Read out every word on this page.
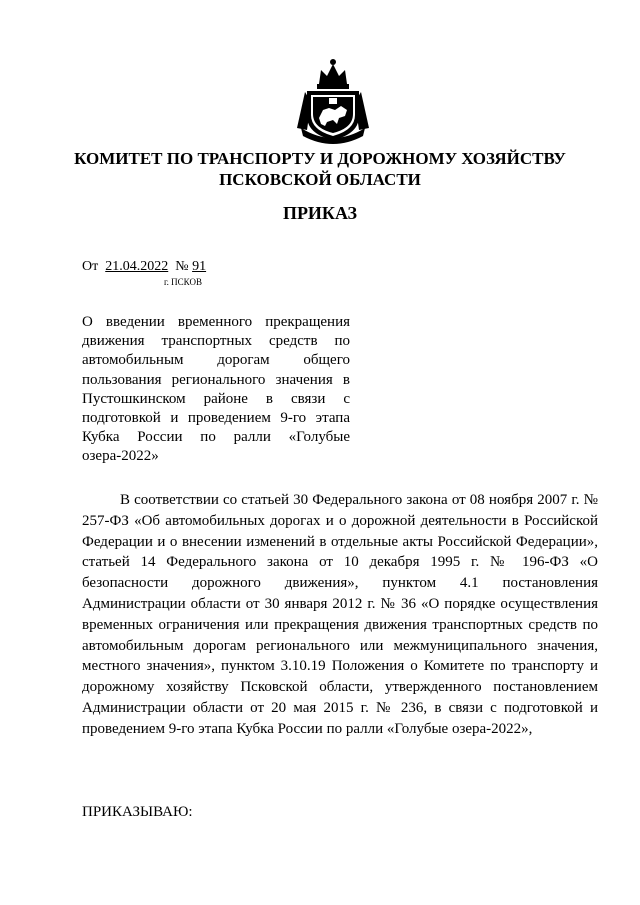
КОМИТЕТ ПО ТРАНСПОРТУ И ДОРОЖНОМУ ХОЗЯЙСТВУ
ПСКОВСКОЙ ОБЛАСТИ
ПРИКАЗ
От 21.04.2022 № 91
г. ПСКОВ
О введении временного прекращения движения транспортных средств по автомобильным дорогам общего пользования регионального значения в Пустошкинском районе в связи с подготовкой и проведением 9-го этапа Кубка России по ралли «Голубые озера-2022»
В соответствии со статьей 30 Федерального закона от 08 ноября 2007 г. № 257-ФЗ «Об автомобильных дорогах и о дорожной деятельности в Российской Федерации и о внесении изменений в отдельные акты Российской Федерации», статьей 14 Федерального закона от 10 декабря 1995 г. № 196-ФЗ «О безопасности дорожного движения», пунктом 4.1 постановления Администрации области от 30 января 2012 г. № 36 «О порядке осуществления временных ограничения или прекращения движения транспортных средств по автомобильным дорогам регионального или межмуниципального значения, местного значения», пунктом 3.10.19 Положения о Комитете по транспорту и дорожному хозяйству Псковской области, утвержденного постановлением Администрации области от 20 мая 2015 г. № 236, в связи с подготовкой и проведением 9-го этапа Кубка России по ралли «Голубые озера-2022»,
ПРИКАЗЫВАЮ:
